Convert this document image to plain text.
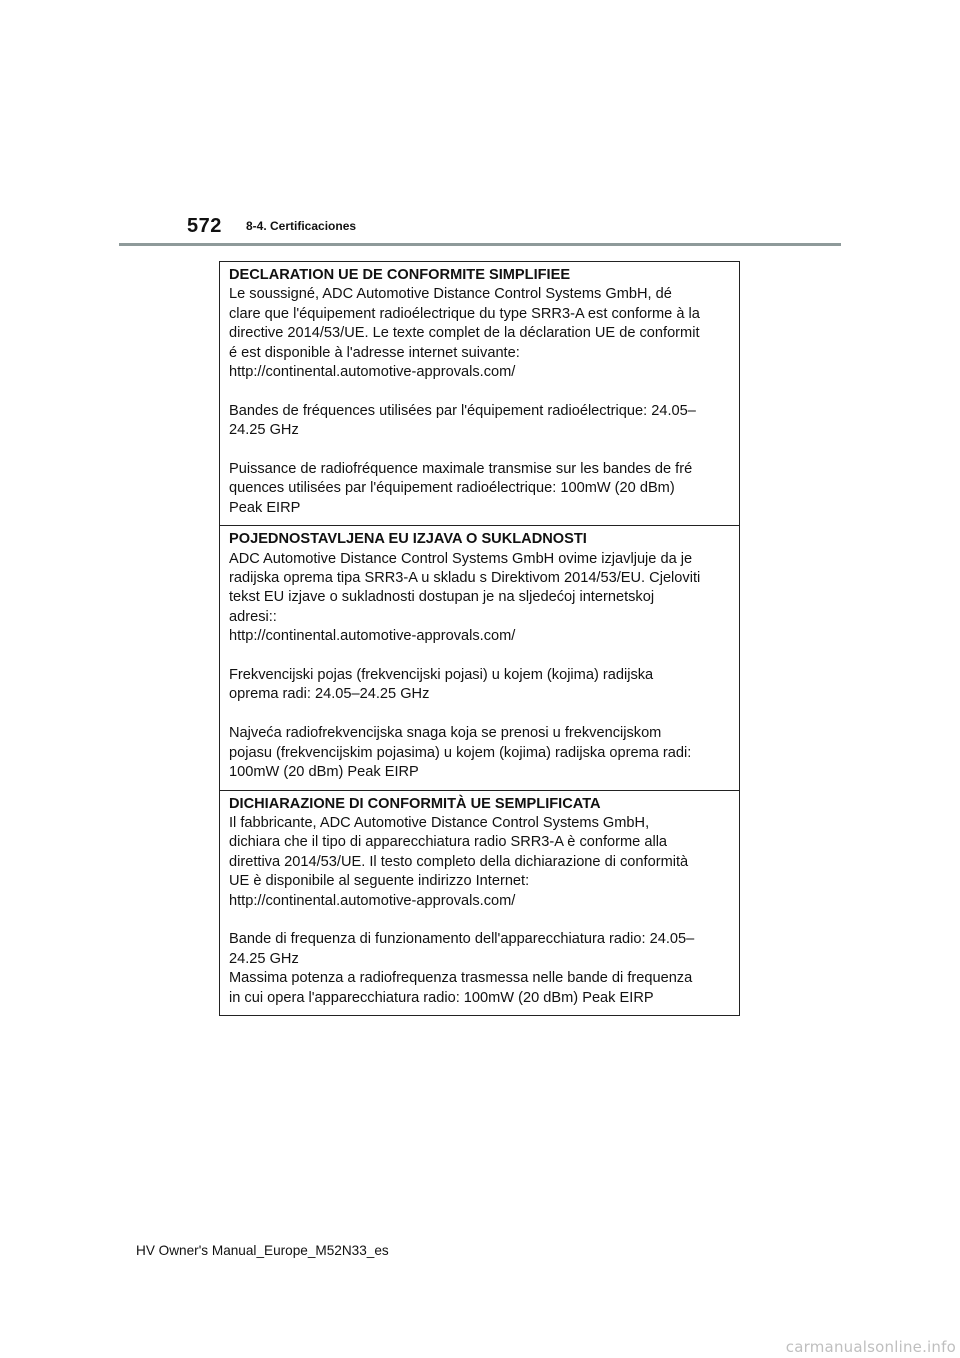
572 8-4. Certificaciones
DECLARATION UE DE CONFORMITE SIMPLIFIEE
Le soussigné, ADC Automotive Distance Control Systems GmbH, dé
clare que l'équipement radioélectrique du type SRR3-A est conforme à la
directive 2014/53/UE. Le texte complet de la déclaration UE de conformit
é est disponible à l'adresse internet suivante:
http://continental.automotive-approvals.com/
Bandes de fréquences utilisées par l'équipement radioélectrique: 24.05–
24.25 GHz
Puissance de radiofréquence maximale transmise sur les bandes de fré
quences utilisées par l'équipement radioélectrique: 100mW (20 dBm)
Peak EIRP
POJEDNOSTAVLJENA EU IZJAVA O SUKLADNOSTI
ADC Automotive Distance Control Systems GmbH ovime izjavljuje da je
radijska oprema tipa SRR3-A u skladu s Direktivom 2014/53/EU. Cjeloviti
tekst EU izjave o sukladnosti dostupan je na sljedećoj internetskoj
adresi::
http://continental.automotive-approvals.com/
Frekvencijski pojas (frekvencijski pojasi) u kojem (kojima) radijska
oprema radi: 24.05–24.25 GHz
Najveća radiofrekvencijska snaga koja se prenosi u frekvencijskom
pojasu (frekvencijskim pojasima) u kojem (kojima) radijska oprema radi:
100mW (20 dBm) Peak EIRP
DICHIARAZIONE DI CONFORMITÀ UE SEMPLIFICATA
Il fabbricante, ADC Automotive Distance Control Systems GmbH,
dichiara che il tipo di apparecchiatura radio SRR3-A è conforme alla
direttiva 2014/53/UE. Il testo completo della dichiarazione di conformità
UE è disponibile al seguente indirizzo Internet:
http://continental.automotive-approvals.com/
Bande di frequenza di funzionamento dell'apparecchiatura radio: 24.05–
24.25 GHz
Massima potenza a radiofrequenza trasmessa nelle bande di frequenza
in cui opera l'apparecchiatura radio: 100mW (20 dBm) Peak EIRP
HV Owner's Manual_Europe_M52N33_es
carmanualsonline.info
